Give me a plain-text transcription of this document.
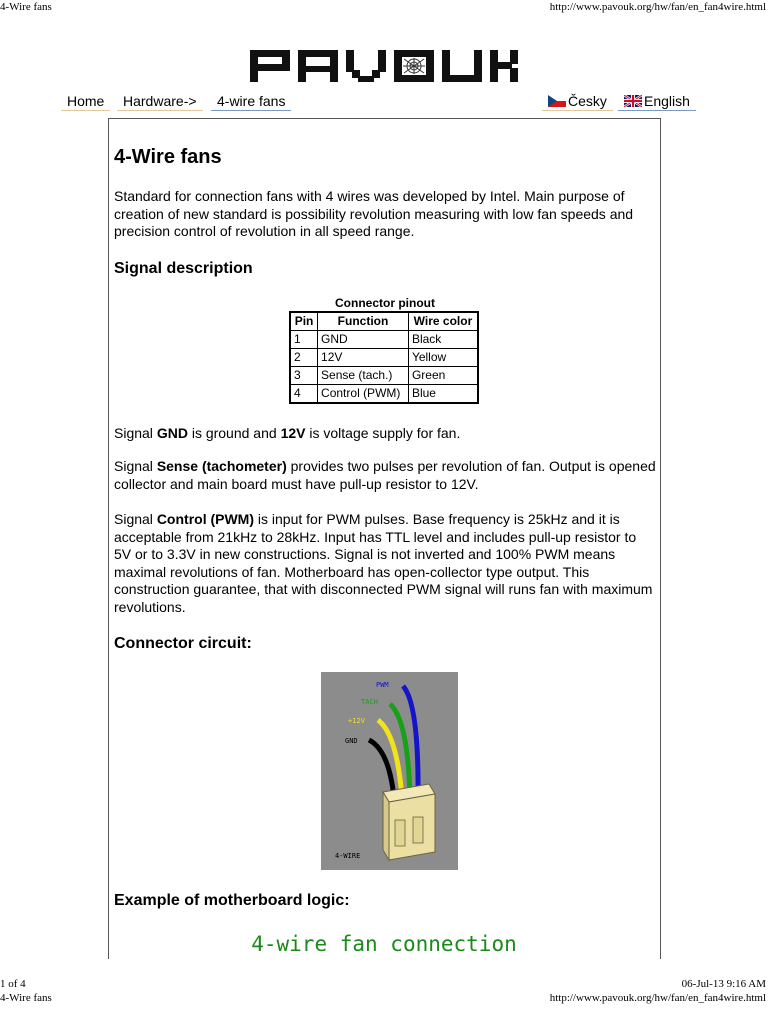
4-Wire fans	http://www.pavouk.org/hw/fan/en_fan4wire.html
Home	Hardware->	4-wire fans	Česky	English
4-Wire fans

Standard for connection fans with 4 wires was developed by Intel. Main purpose of creation of new standard is possibility revolution measuring with low fan speeds and precision control of revolution in all speed range.

Signal description
Connector pinout
Pin	Function	Wire color
1	GND	Black
2	12V	Yellow
3	Sense (tach.)	Green
4	Control (PWM)	Blue

Signal GND is ground and 12V is voltage supply for fan.

Signal Sense (tachometer) provides two pulses per revolution of fan. Output is opened collector and main board must have pull-up resistor to 12V.

Signal Control (PWM) is input for PWM pulses. Base frequency is 25kHz and it is acceptable from 21kHz to 28kHz. Input has TTL level and includes pull-up resistor to 5V or to 3.3V in new constructions. Signal is not inverted and 100% PWM means maximal revolutions of fan. Motherboard has open-collector type output. This construction guarantee, that with disconnected PWM signal will runs fan with maximum revolutions.

Connector circuit:
PWM
TACH
+12V
GND
4-WIRE
Example of motherboard logic:
4-wire fan connection
1 of 4	06-Jul-13 9:16 AM
4-Wire fans	http://www.pavouk.org/hw/fan/en_fan4wire.html
